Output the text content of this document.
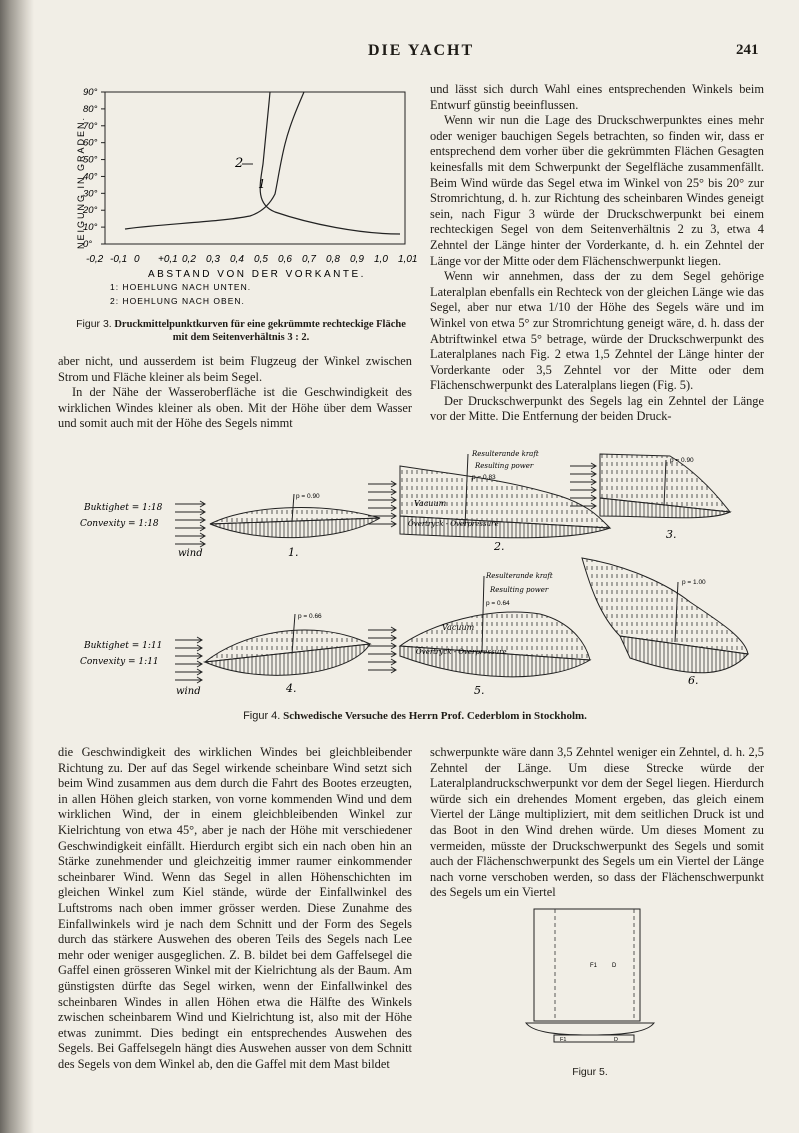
DIE YACHT	241
NEIGUNG IN GRADEN.
0°
10°
20°
30°
40°
50°
60°
70°
80°
90°
-0,2 -0,1 0 +0,1 0,2 0,3 0,4 0,5 0,6 0,7 0,8 0,9 1,0 1,01
2
1
ABSTAND VON DER VORKANTE.
1: HOEHLUNG NACH UNTEN.
2: HOEHLUNG NACH OBEN.
Figur 3. Druckmittelpunktkurven für eine gekrümmte rechteckige Fläche mit dem Seitenverhältnis 3 : 2.

aber nicht, und ausserdem ist beim Flugzeug der Winkel zwischen Strom und Fläche kleiner als beim Segel.

In der Nähe der Wasseroberfläche ist die Geschwindigkeit des wirklichen Windes kleiner als oben. Mit der Höhe über dem Wasser und somit auch mit der Höhe des Segels nimmt

und lässt sich durch Wahl eines entsprechenden Winkels beim Entwurf günstig beeinflussen.

Wenn wir nun die Lage des Druckschwerpunktes eines mehr oder weniger bauchigen Segels betrachten, so finden wir, dass er entsprechend dem vorher über die gekrümmten Flächen Gesagten keinesfalls mit dem Schwerpunkt der Segelfläche zusammenfällt. Beim Wind würde das Segel etwa im Winkel von 25° bis 20° zur Stromrichtung, d. h. zur Richtung des scheinbaren Windes geneigt sein, nach Figur 3 würde der Druckschwerpunkt bei einem rechteckigen Segel von dem Seitenverhältnis 2 zu 3, etwa 4 Zehntel der Länge hinter der Vorderkante, d. h. ein Zehntel der Länge vor der Mitte oder dem Flächenschwerpunkt liegen.

Wenn wir annehmen, dass der zu dem Segel gehörige Lateralplan ebenfalls ein Rechteck von der gleichen Länge wie das Segel, aber nur etwa 1/10 der Höhe des Segels wäre und im Winkel von etwa 5° zur Stromrichtung geneigt wäre, d. h. dass der Abtriftwinkel etwa 5° betrage, würde der Druckschwerpunkt des Lateralplanes nach Fig. 2 etwa 1,5 Zehntel der Länge hinter der Vorderkante oder 3,5 Zehntel vor der Mitte oder dem Flächenschwerpunkt des Lateralplans liegen (Fig. 5).

Der Druckschwerpunkt des Segels lag ein Zehntel der Länge vor der Mitte. Die Entfernung der beiden Druck-

Buktighet = 1:18
Convexity = 1:18
wind
p = 0.90
1.
Resulterande kraft
Resulting power
p = 0.83
Vacuum
Övertryck - Overpressure
2.
p = 0.90
3.
Buktighet = 1:11
Convexity = 1:11
wind
p = 0.66
4.
Resulterande kraft
Resulting power
p = 0.64
Vacuum
Övertryck - Overpressure
5.
p = 1.00
6.
Figur 4. Schwedische Versuche des Herrn Prof. Cederblom in Stockholm.

die Geschwindigkeit des wirklichen Windes bei gleichbleibender Richtung zu. Der auf das Segel wirkende scheinbare Wind setzt sich beim Wind zusammen aus dem durch die Fahrt des Bootes erzeugten, in allen Höhen gleich starken, von vorne kommenden Wind und dem wirklichen Wind, der in einem gleichbleibenden Winkel zur Kielrichtung von etwa 45°, aber je nach der Höhe mit verschiedener Geschwindigkeit einfällt. Hierdurch ergibt sich ein nach oben hin an Stärke zunehmender und gleichzeitig immer raumer einkommender scheinbarer Wind. Wenn das Segel in allen Höhenschichten im gleichen Winkel zum Kiel stände, würde der Einfallwinkel des Luftstroms nach oben immer grösser werden. Diese Zunahme des Einfallwinkels wird je nach dem Schnitt und der Form des Segels durch das stärkere Auswehen des oberen Teils des Segels nach Lee mehr oder weniger ausgeglichen. Z. B. bildet bei dem Gaffelsegel die Gaffel einen grösseren Winkel mit der Kielrichtung als der Baum. Am günstigsten dürfte das Segel wirken, wenn der Einfallwinkel des scheinbaren Windes in allen Höhen etwa die Hälfte des Winkels zwischen scheinbarem Wind und Kielrichtung ist, also mit der Höhe etwas zunimmt. Dies bedingt ein entsprechendes Auswehen des Segels. Bei Gaffelsegeln hängt dies Auswehen ausser von dem Schnitt des Segels von dem Winkel ab, den die Gaffel mit dem Mast bildet

schwerpunkte wäre dann 3,5 Zehntel weniger ein Zehntel, d. h. 2,5 Zehntel der Länge. Um diese Strecke würde der Lateralplandruckschwerpunkt vor dem der Segel liegen. Hierdurch würde sich ein drehendes Moment ergeben, das gleich einem Viertel der Länge multipliziert, mit dem seitlichen Druck ist und das Boot in den Wind drehen würde. Um dieses Moment zu vermeiden, müsste der Druckschwerpunkt des Segels und somit auch der Flächenschwerpunkt des Segels um ein Viertel der Länge nach vorne verschoben werden, so dass der Flächenschwerpunkt des Segels um ein Viertel

F1 D
F1	D
Figur 5.
